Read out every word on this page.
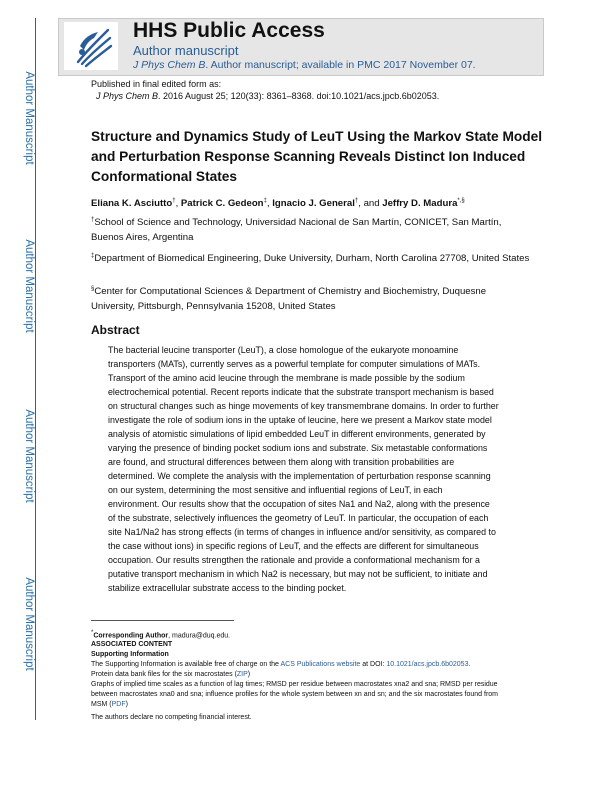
Author Manuscript
Author Manuscript
Author Manuscript
Author Manuscript
HHS Public Access
Author manuscript
J Phys Chem B. Author manuscript; available in PMC 2017 November 07.
Published in final edited form as:
J Phys Chem B. 2016 August 25; 120(33): 8361–8368. doi:10.1021/acs.jpcb.6b02053.
Structure and Dynamics Study of LeuT Using the Markov State Model and Perturbation Response Scanning Reveals Distinct Ion Induced Conformational States
Eliana K. Asciutto†, Patrick C. Gedeon‡, Ignacio J. General†, and Jeffry D. Madura*,§
†School of Science and Technology, Universidad Nacional de San Martín, CONICET, San Martín, Buenos Aires, Argentina
‡Department of Biomedical Engineering, Duke University, Durham, North Carolina 27708, United States
§Center for Computational Sciences & Department of Chemistry and Biochemistry, Duquesne University, Pittsburgh, Pennsylvania 15208, United States
Abstract
The bacterial leucine transporter (LeuT), a close homologue of the eukaryote monoamine
transporters (MATs), currently serves as a powerful template for computer simulations of MATs.
Transport of the amino acid leucine through the membrane is made possible by the sodium
electrochemical potential. Recent reports indicate that the substrate transport mechanism is based
on structural changes such as hinge movements of key transmembrane domains. In order to further
investigate the role of sodium ions in the uptake of leucine, here we present a Markov state model
analysis of atomistic simulations of lipid embedded LeuT in different environments, generated by
varying the presence of binding pocket sodium ions and substrate. Six metastable conformations
are found, and structural differences between them along with transition probabilities are
determined. We complete the analysis with the implementation of perturbation response scanning
on our system, determining the most sensitive and influential regions of LeuT, in each
environment. Our results show that the occupation of sites Na1 and Na2, along with the presence
of the substrate, selectively influences the geometry of LeuT. In particular, the occupation of each
site Na1/Na2 has strong effects (in terms of changes in influence and/or sensitivity, as compared to
the case without ions) in specific regions of LeuT, and the effects are different for simultaneous
occupation. Our results strengthen the rationale and provide a conformational mechanism for a
putative transport mechanism in which Na2 is necessary, but may not be sufficient, to initiate and
stabilize extracellular substrate access to the binding pocket.
*Corresponding Author, madura@duq.edu.
ASSOCIATED CONTENT
Supporting Information
The Supporting Information is available free of charge on the ACS Publications website at DOI: 10.1021/acs.jpcb.6b02053.
Protein data bank files for the six macrostates (ZIP)
Graphs of implied time scales as a function of lag times; RMSD per residue between macrostates xna2 and sna; RMSD per residue
between macrostates xna0 and sna; influence profiles for the whole system between xn and sn; and the six macrostates found from
MSM (PDF)
The authors declare no competing financial interest.
